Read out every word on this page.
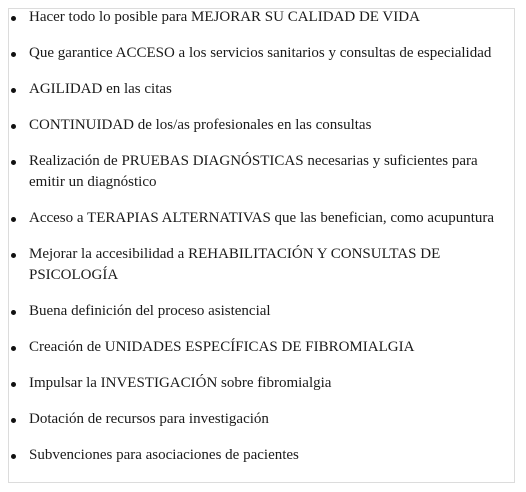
Hacer todo lo posible para MEJORAR SU CALIDAD DE VIDA
Que garantice ACCESO a los servicios sanitarios y consultas de especialidad
AGILIDAD en las citas
CONTINUIDAD de los/as profesionales en las consultas
Realización de PRUEBAS DIAGNÓSTICAS necesarias y suficientes para emitir un diagnóstico
Acceso a TERAPIAS ALTERNATIVAS que las benefician, como acupuntura
Mejorar la accesibilidad a REHABILITACIÓN Y CONSULTAS DE PSICOLOGÍA
Buena definición del proceso asistencial
Creación de UNIDADES ESPECÍFICAS DE FIBROMIALGIA
Impulsar la INVESTIGACIÓN sobre fibromialgia
Dotación de recursos para investigación
Subvenciones para asociaciones de pacientes
